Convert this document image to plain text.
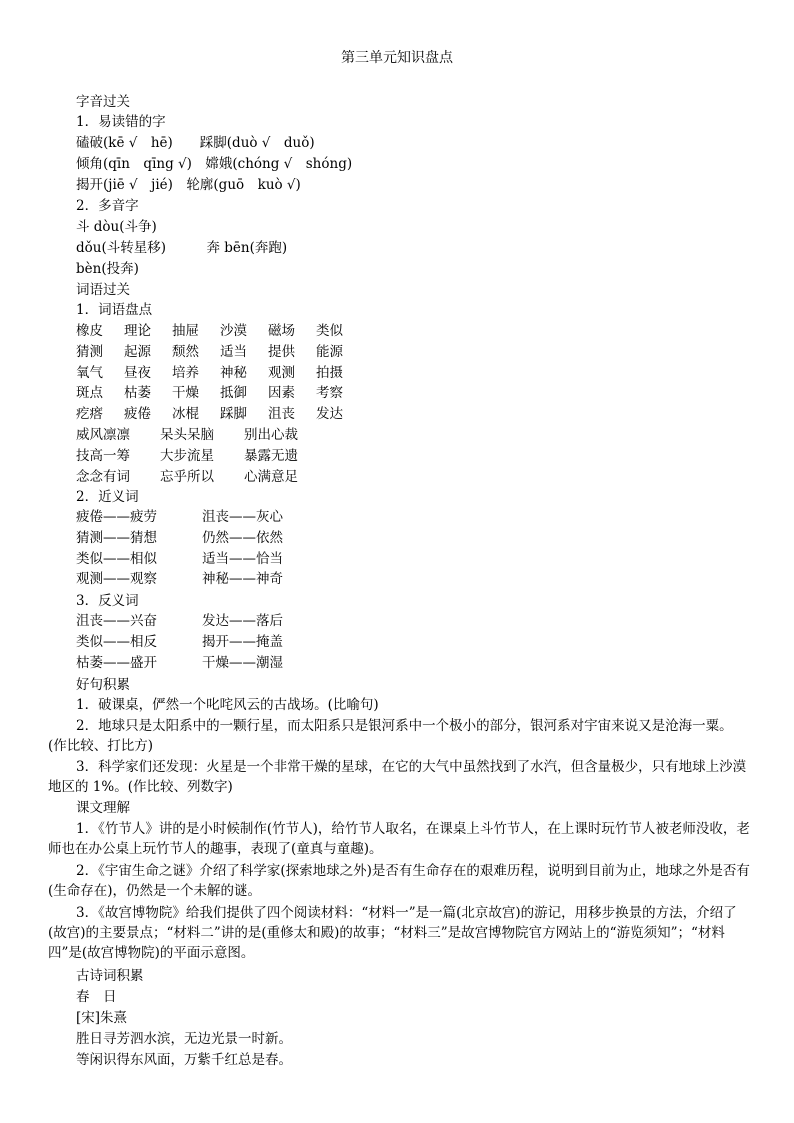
第三单元知识盘点
字音过关
1．易读错的字
磕破(kē √　hē)　　踩脚(duò √　duǒ)
倾角(qīn　qīng √)　嫦娥(chóng √　shóng)
揭开(jiē √　jié)　轮廓(guō　kuò √)
2．多音字
斗 dòu(斗争)
dǒu(斗转星移)　　　奔 bēn(奔跑)
bèn(投奔)
词语过关
1．词语盘点
橡皮 理论 抽屉 沙漠 磁场 类似
猜测 起源 颓然 适当 提供 能源
氧气 昼夜 培养 神秘 观测 拍摄
斑点 枯萎 干燥 抵御 因素 考察
疙瘩 疲倦 冰棍 踩脚 沮丧 发达
威风凛凛 呆头呆脑 别出心裁
技高一筹 大步流星 暴露无遗
念念有词 忘乎所以 心满意足
2．近义词
疲倦——疲劳	沮丧——灰心
猜测——猜想	仍然——依然
类似——相似	适当——恰当
观测——观察	神秘——神奇
3．反义词
沮丧——兴奋	发达——落后
类似——相反	揭开——掩盖
枯萎——盛开	干燥——潮湿
好句积累
1．破课桌，俨然一个叱咤风云的古战场。(比喻句)
2．地球只是太阳系中的一颗行星，而太阳系只是银河系中一个极小的部分，银河系对宇宙来说又是沧海一粟。(作比较、打比方)
3．科学家们还发现：火星是一个非常干燥的星球，在它的大气中虽然找到了水汽，但含量极少，只有地球上沙漠地区的 1%。(作比较、列数字)
课文理解
1．《竹节人》讲的是小时候制作(竹节人)，给竹节人取名，在课桌上斗竹节人，在上课时玩竹节人被老师没收，老师也在办公桌上玩竹节人的趣事，表现了(童真与童趣)。
2．《宇宙生命之谜》介绍了科学家(探索地球之外)是否有生命存在的艰难历程，说明到目前为止，地球之外是否有(生命存在)，仍然是一个未解的谜。
3．《故宫博物院》给我们提供了四个阅读材料：“材料一”是一篇(北京故宫)的游记，用移步换景的方法，介绍了(故宫)的主要景点；“材料二”讲的是(重修太和殿)的故事；“材料三”是故宫博物院官方网站上的“游览须知”；“材料四”是(故宫博物院)的平面示意图。
古诗词积累
春　日
[宋]朱熹
胜日寻芳泗水滨，无边光景一时新。
等闲识得东风面，万紫千红总是春。
